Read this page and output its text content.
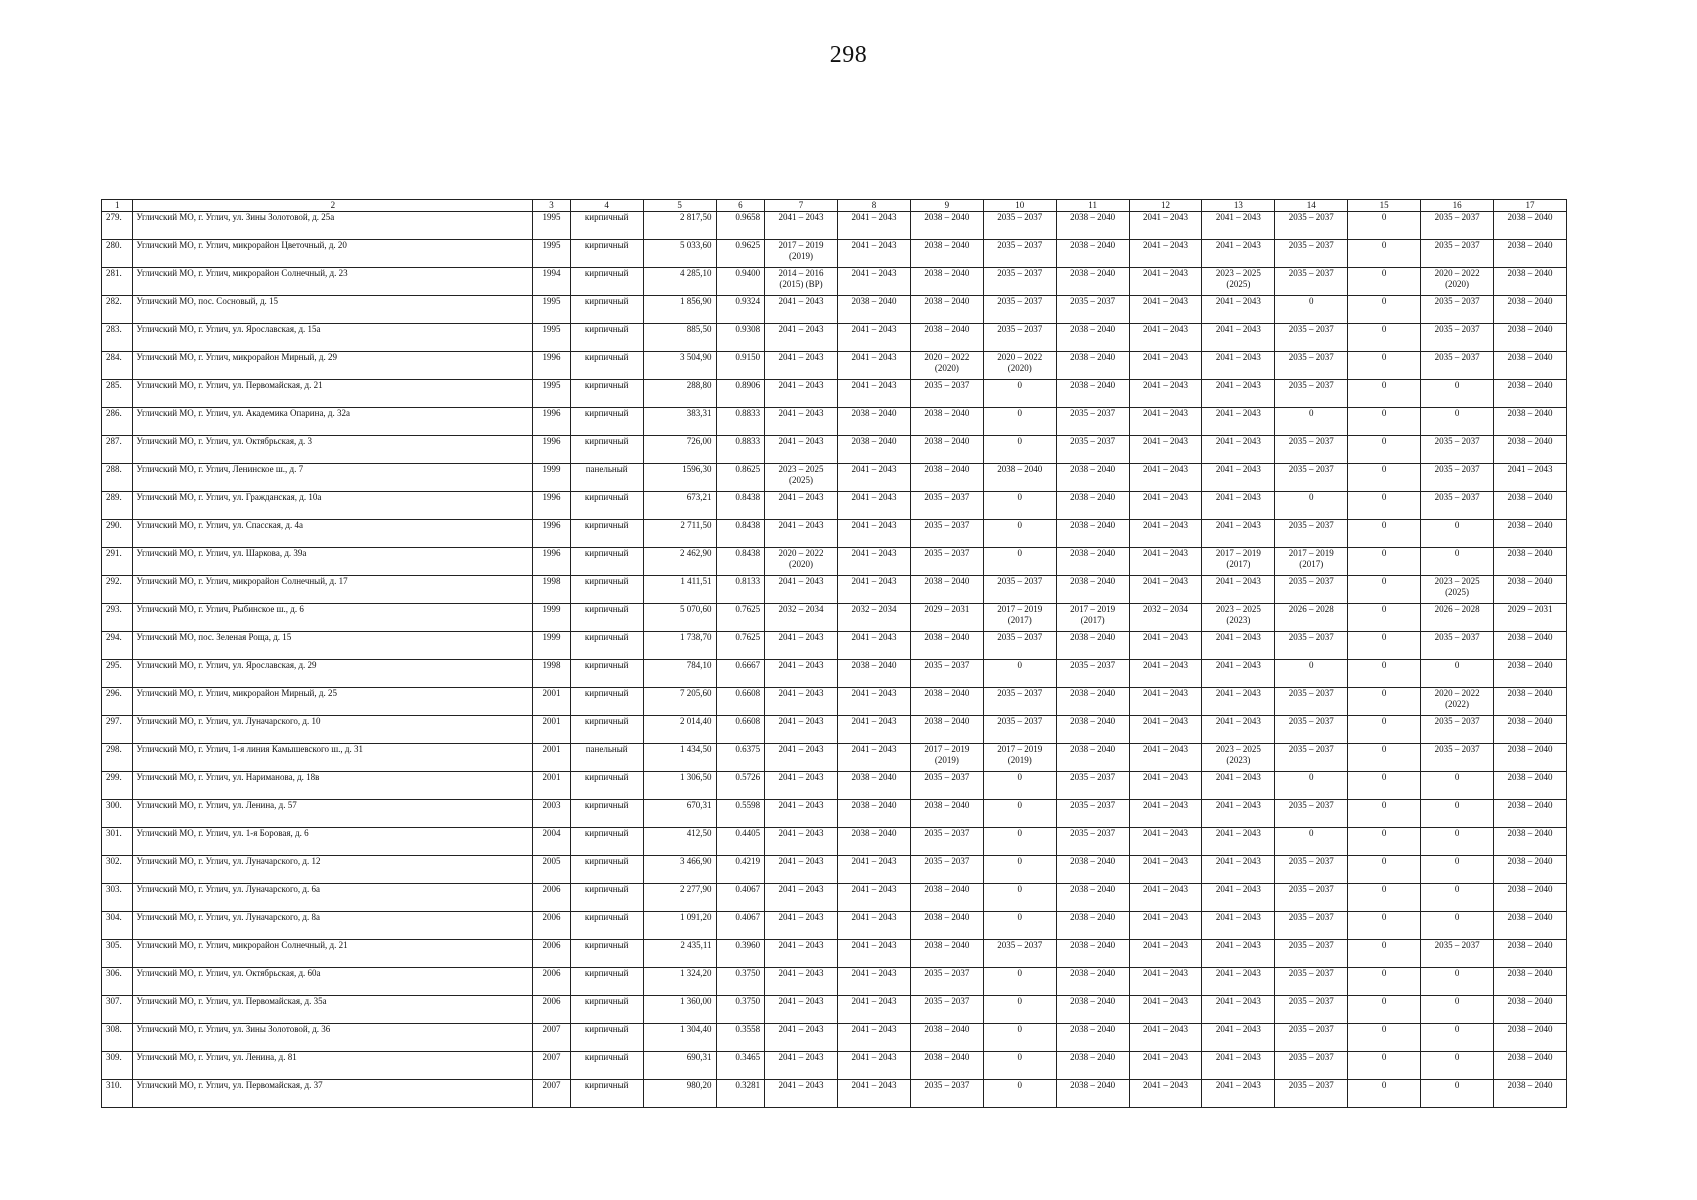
298
1	2	3	4	5	6	7	8	9	10	11	12	13	14	15	16	17
279.	Угличский МО, г. Углич, ул. Зины Золотовой, д. 25а	1995	кирпичный	2 817,50	0.9658	2041 – 2043	2041 – 2043	2038 – 2040	2035 – 2037	2038 – 2040	2041 – 2043	2041 – 2043	2035 – 2037	0	2035 – 2037	2038 – 2040
280.	Угличский МО, г. Углич, микрорайон Цветочный, д. 20	1995	кирпичный	5 033,60	0.9625	2017 – 2019
(2019)	2041 – 2043	2038 – 2040	2035 – 2037	2038 – 2040	2041 – 2043	2041 – 2043	2035 – 2037	0	2035 – 2037	2038 – 2040
281.	Угличский МО, г. Углич, микрорайон Солнечный, д. 23	1994	кирпичный	4 285,10	0.9400	2014 – 2016
(2015) (ВР)	2041 – 2043	2038 – 2040	2035 – 2037	2038 – 2040	2041 – 2043	2023 – 2025
(2025)	2035 – 2037	0	2020 – 2022
(2020)	2038 – 2040
282.	Угличский МО, пос. Сосновый, д. 15	1995	кирпичный	1 856,90	0.9324	2041 – 2043	2038 – 2040	2038 – 2040	2035 – 2037	2035 – 2037	2041 – 2043	2041 – 2043	0	0	2035 – 2037	2038 – 2040
283.	Угличский МО, г. Углич, ул. Ярославская, д. 15а	1995	кирпичный	885,50	0.9308	2041 – 2043	2041 – 2043	2038 – 2040	2035 – 2037	2038 – 2040	2041 – 2043	2041 – 2043	2035 – 2037	0	2035 – 2037	2038 – 2040
284.	Угличский МО, г. Углич, микрорайон Мирный, д. 29	1996	кирпичный	3 504,90	0.9150	2041 – 2043	2041 – 2043	2020 – 2022
(2020)	2020 – 2022
(2020)	2038 – 2040	2041 – 2043	2041 – 2043	2035 – 2037	0	2035 – 2037	2038 – 2040
285.	Угличский МО, г. Углич, ул. Первомайская, д. 21	1995	кирпичный	288,80	0.8906	2041 – 2043	2041 – 2043	2035 – 2037	0	2038 – 2040	2041 – 2043	2041 – 2043	2035 – 2037	0	0	2038 – 2040
286.	Угличский МО, г. Углич, ул. Академика Опарина, д. 32а	1996	кирпичный	383,31	0.8833	2041 – 2043	2038 – 2040	2038 – 2040	0	2035 – 2037	2041 – 2043	2041 – 2043	0	0	0	2038 – 2040
287.	Угличский МО, г. Углич, ул. Октябрьская, д. 3	1996	кирпичный	726,00	0.8833	2041 – 2043	2038 – 2040	2038 – 2040	0	2035 – 2037	2041 – 2043	2041 – 2043	2035 – 2037	0	2035 – 2037	2038 – 2040
288.	Угличский МО, г. Углич, Ленинское ш., д. 7	1999	панельный	1596,30	0.8625	2023 – 2025
(2025)	2041 – 2043	2038 – 2040	2038 – 2040	2038 – 2040	2041 – 2043	2041 – 2043	2035 – 2037	0	2035 – 2037	2041 – 2043
289.	Угличский МО, г. Углич, ул. Гражданская, д. 10а	1996	кирпичный	673,21	0.8438	2041 – 2043	2041 – 2043	2035 – 2037	0	2038 – 2040	2041 – 2043	2041 – 2043	0	0	2035 – 2037	2038 – 2040
290.	Угличский МО, г. Углич, ул. Спасская, д. 4а	1996	кирпичный	2 711,50	0.8438	2041 – 2043	2041 – 2043	2035 – 2037	0	2038 – 2040	2041 – 2043	2041 – 2043	2035 – 2037	0	0	2038 – 2040
291.	Угличский МО, г. Углич, ул. Шаркова, д. 39а	1996	кирпичный	2 462,90	0.8438	2020 – 2022
(2020)	2041 – 2043	2035 – 2037	0	2038 – 2040	2041 – 2043	2017 – 2019
(2017)	2017 – 2019
(2017)	0	0	2038 – 2040
292.	Угличский МО, г. Углич, микрорайон Солнечный, д. 17	1998	кирпичный	1 411,51	0.8133	2041 – 2043	2041 – 2043	2038 – 2040	2035 – 2037	2038 – 2040	2041 – 2043	2041 – 2043	2035 – 2037	0	2023 – 2025
(2025)	2038 – 2040
293.	Угличский МО, г. Углич, Рыбинское ш., д. 6	1999	кирпичный	5 070,60	0.7625	2032 – 2034	2032 – 2034	2029 – 2031	2017 – 2019
(2017)	2017 – 2019
(2017)	2032 – 2034	2023 – 2025
(2023)	2026 – 2028	0	2026 – 2028	2029 – 2031
294.	Угличский МО, пос. Зеленая Роща, д. 15	1999	кирпичный	1 738,70	0.7625	2041 – 2043	2041 – 2043	2038 – 2040	2035 – 2037	2038 – 2040	2041 – 2043	2041 – 2043	2035 – 2037	0	2035 – 2037	2038 – 2040
295.	Угличский МО, г. Углич, ул. Ярославская, д. 29	1998	кирпичный	784,10	0.6667	2041 – 2043	2038 – 2040	2035 – 2037	0	2035 – 2037	2041 – 2043	2041 – 2043	0	0	0	2038 – 2040
296.	Угличский МО, г. Углич, микрорайон Мирный, д. 25	2001	кирпичный	7 205,60	0.6608	2041 – 2043	2041 – 2043	2038 – 2040	2035 – 2037	2038 – 2040	2041 – 2043	2041 – 2043	2035 – 2037	0	2020 – 2022
(2022)	2038 – 2040
297.	Угличский МО, г. Углич, ул. Луначарского, д. 10	2001	кирпичный	2 014,40	0.6608	2041 – 2043	2041 – 2043	2038 – 2040	2035 – 2037	2038 – 2040	2041 – 2043	2041 – 2043	2035 – 2037	0	2035 – 2037	2038 – 2040
298.	Угличский МО, г. Углич, 1-я линия Камышевского ш., д. 31	2001	панельный	1 434,50	0.6375	2041 – 2043	2041 – 2043	2017 – 2019
(2019)	2017 – 2019
(2019)	2038 – 2040	2041 – 2043	2023 – 2025
(2023)	2035 – 2037	0	2035 – 2037	2038 – 2040
299.	Угличский МО, г. Углич, ул. Нариманова, д. 18в	2001	кирпичный	1 306,50	0.5726	2041 – 2043	2038 – 2040	2035 – 2037	0	2035 – 2037	2041 – 2043	2041 – 2043	0	0	0	2038 – 2040
300.	Угличский МО, г. Углич, ул. Ленина, д. 57	2003	кирпичный	670,31	0.5598	2041 – 2043	2038 – 2040	2038 – 2040	0	2035 – 2037	2041 – 2043	2041 – 2043	2035 – 2037	0	0	2038 – 2040
301.	Угличский МО, г. Углич, ул. 1-я Боровая, д. 6	2004	кирпичный	412,50	0.4405	2041 – 2043	2038 – 2040	2035 – 2037	0	2035 – 2037	2041 – 2043	2041 – 2043	0	0	0	2038 – 2040
302.	Угличский МО, г. Углич, ул. Луначарского, д. 12	2005	кирпичный	3 466,90	0.4219	2041 – 2043	2041 – 2043	2035 – 2037	0	2038 – 2040	2041 – 2043	2041 – 2043	2035 – 2037	0	0	2038 – 2040
303.	Угличский МО, г. Углич, ул. Луначарского, д. 6а	2006	кирпичный	2 277,90	0.4067	2041 – 2043	2041 – 2043	2038 – 2040	0	2038 – 2040	2041 – 2043	2041 – 2043	2035 – 2037	0	0	2038 – 2040
304.	Угличский МО, г. Углич, ул. Луначарского, д. 8а	2006	кирпичный	1 091,20	0.4067	2041 – 2043	2041 – 2043	2038 – 2040	0	2038 – 2040	2041 – 2043	2041 – 2043	2035 – 2037	0	0	2038 – 2040
305.	Угличский МО, г. Углич, микрорайон Солнечный, д. 21	2006	кирпичный	2 435,11	0.3960	2041 – 2043	2041 – 2043	2038 – 2040	2035 – 2037	2038 – 2040	2041 – 2043	2041 – 2043	2035 – 2037	0	2035 – 2037	2038 – 2040
306.	Угличский МО, г. Углич, ул. Октябрьская, д. 60а	2006	кирпичный	1 324,20	0.3750	2041 – 2043	2041 – 2043	2035 – 2037	0	2038 – 2040	2041 – 2043	2041 – 2043	2035 – 2037	0	0	2038 – 2040
307.	Угличский МО, г. Углич, ул. Первомайская, д. 35а	2006	кирпичный	1 360,00	0.3750	2041 – 2043	2041 – 2043	2035 – 2037	0	2038 – 2040	2041 – 2043	2041 – 2043	2035 – 2037	0	0	2038 – 2040
308.	Угличский МО, г. Углич, ул. Зины Золотовой, д. 36	2007	кирпичный	1 304,40	0.3558	2041 – 2043	2041 – 2043	2038 – 2040	0	2038 – 2040	2041 – 2043	2041 – 2043	2035 – 2037	0	0	2038 – 2040
309.	Угличский МО, г. Углич, ул. Ленина, д. 81	2007	кирпичный	690,31	0.3465	2041 – 2043	2041 – 2043	2038 – 2040	0	2038 – 2040	2041 – 2043	2041 – 2043	2035 – 2037	0	0	2038 – 2040
310.	Угличский МО, г. Углич, ул. Первомайская, д. 37	2007	кирпичный	980,20	0.3281	2041 – 2043	2041 – 2043	2035 – 2037	0	2038 – 2040	2041 – 2043	2041 – 2043	2035 – 2037	0	0	2038 – 2040
